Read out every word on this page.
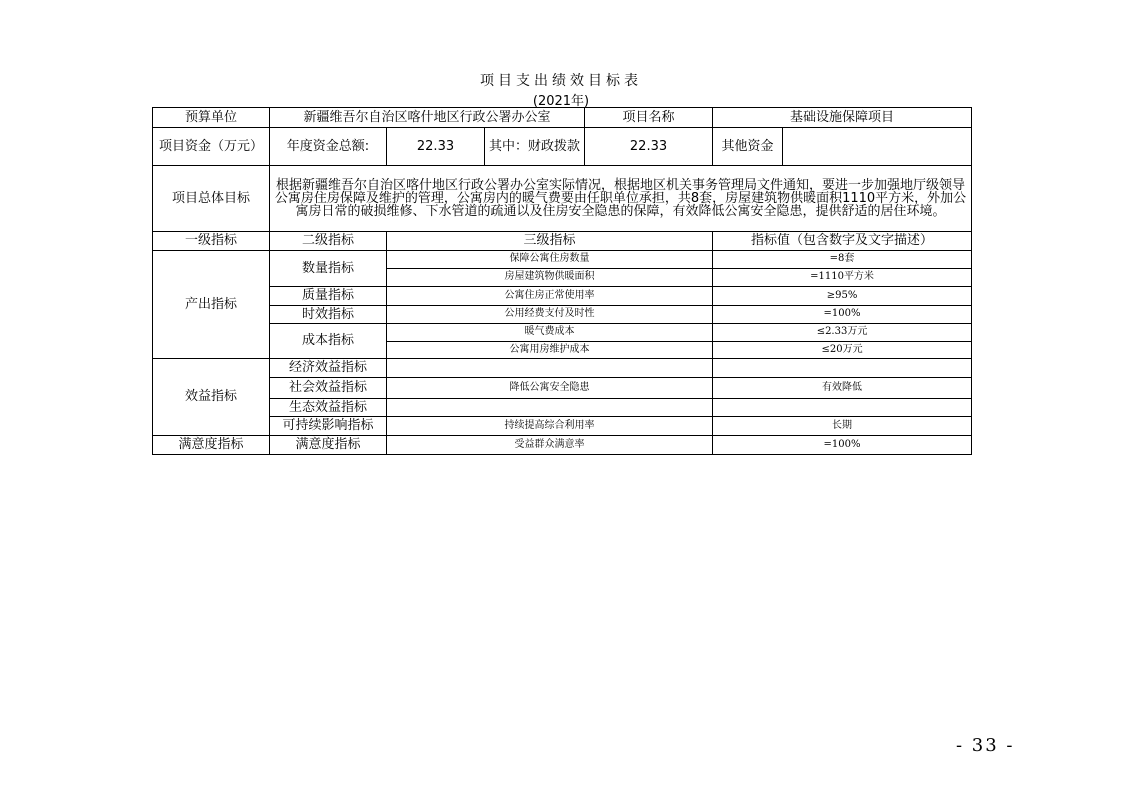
项目支出绩效目标表
(2021年)
预算单位	新疆维吾尔自治区喀什地区行政公署办公室			项目名称	基础设施保障项目	
项目资金（万元）	年度资金总额:	22.33	其中：财政拨款	22.33	其他资金	
项目总体目标	根据新疆维吾尔自治区喀什地区行政公署办公室实际情况，根据地区机关事务管理局文件通知，要进一步加强地厅级领导公寓房住房保障及维护的管理，公寓房内的暖气费要由任职单位承担，共8套，房屋建筑物供暖面积1110平方米，外加公寓房日常的破损维修、下水管道的疏通以及住房安全隐患的保障，有效降低公寓安全隐患，提供舒适的居住环境。					
一级指标	二级指标	三级指标			指标值（包含数字及文字描述）	
产出指标	数量指标	保障公寓住房数量			=8套	
		房屋建筑物供暖面积			=1110平方米	
	质量指标	公寓住房正常使用率			≥95%	
	时效指标	公用经费支付及时性			=100%	
	成本指标	暖气费成本			≤2.33万元	
		公寓用房维护成本			≤20万元	
效益指标	经济效益指标					
	社会效益指标	降低公寓安全隐患			有效降低	
	生态效益指标					
	可持续影响指标	持续提高综合利用率			长期	
满意度指标	满意度指标	受益群众满意率			=100%	
- 33 -
